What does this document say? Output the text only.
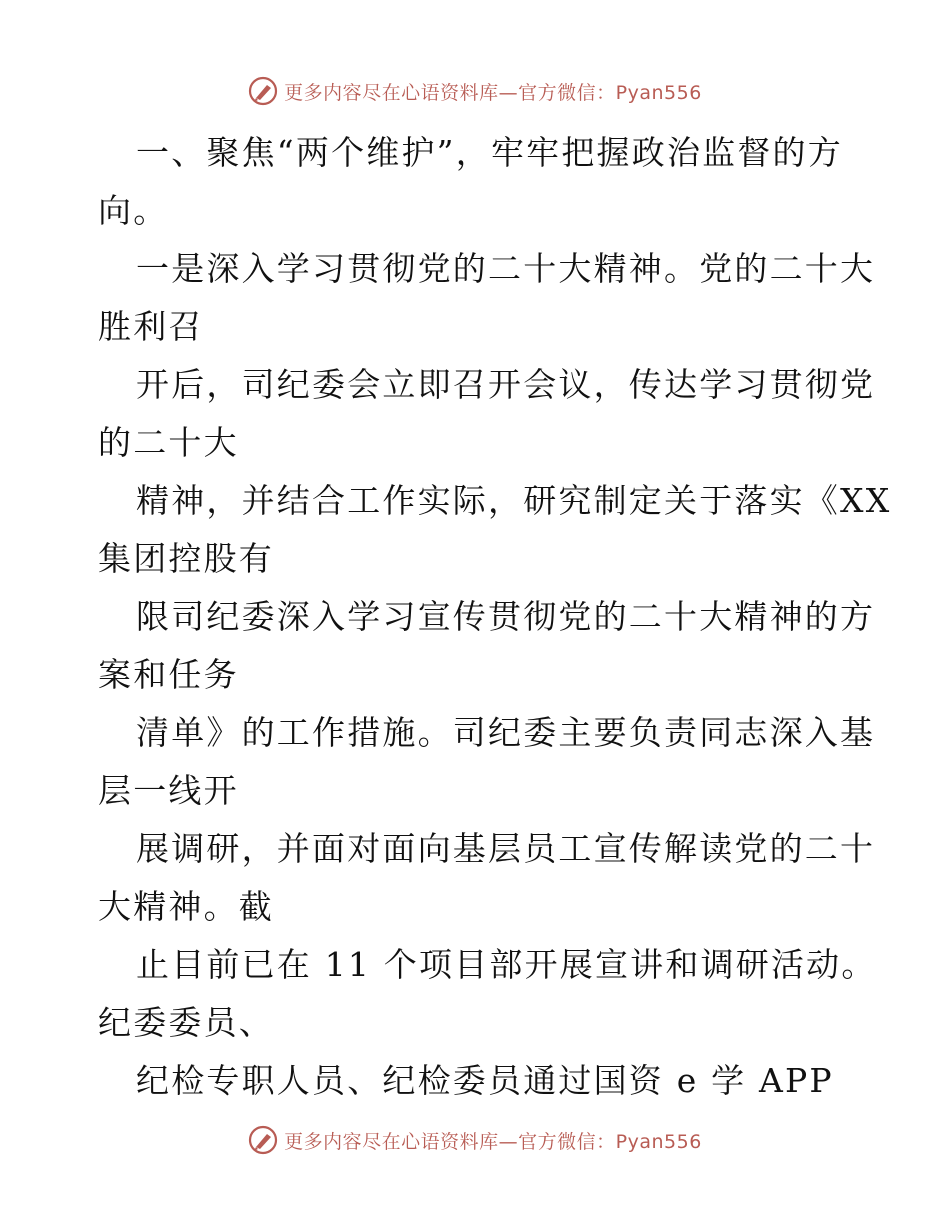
更多内容尽在心语资料库—官方微信：Pyan556
一、聚焦“两个维护”，牢牢把握政治监督的方
向。
一是深入学习贯彻党的二十大精神。党的二十大
胜利召
开后，司纪委会立即召开会议，传达学习贯彻党
的二十大
精神，并结合工作实际，研究制定关于落实《XX
集团控股有
限司纪委深入学习宣传贯彻党的二十大精神的方
案和任务
清单》的工作措施。司纪委主要负责同志深入基
层一线开
展调研，并面对面向基层员工宣传解读党的二十
大精神。截
止目前已在 11 个项目部开展宣讲和调研活动。
纪委委员、
纪检专职人员、纪检委员通过国资 e 学 APP
更多内容尽在心语资料库—官方微信：Pyan556
